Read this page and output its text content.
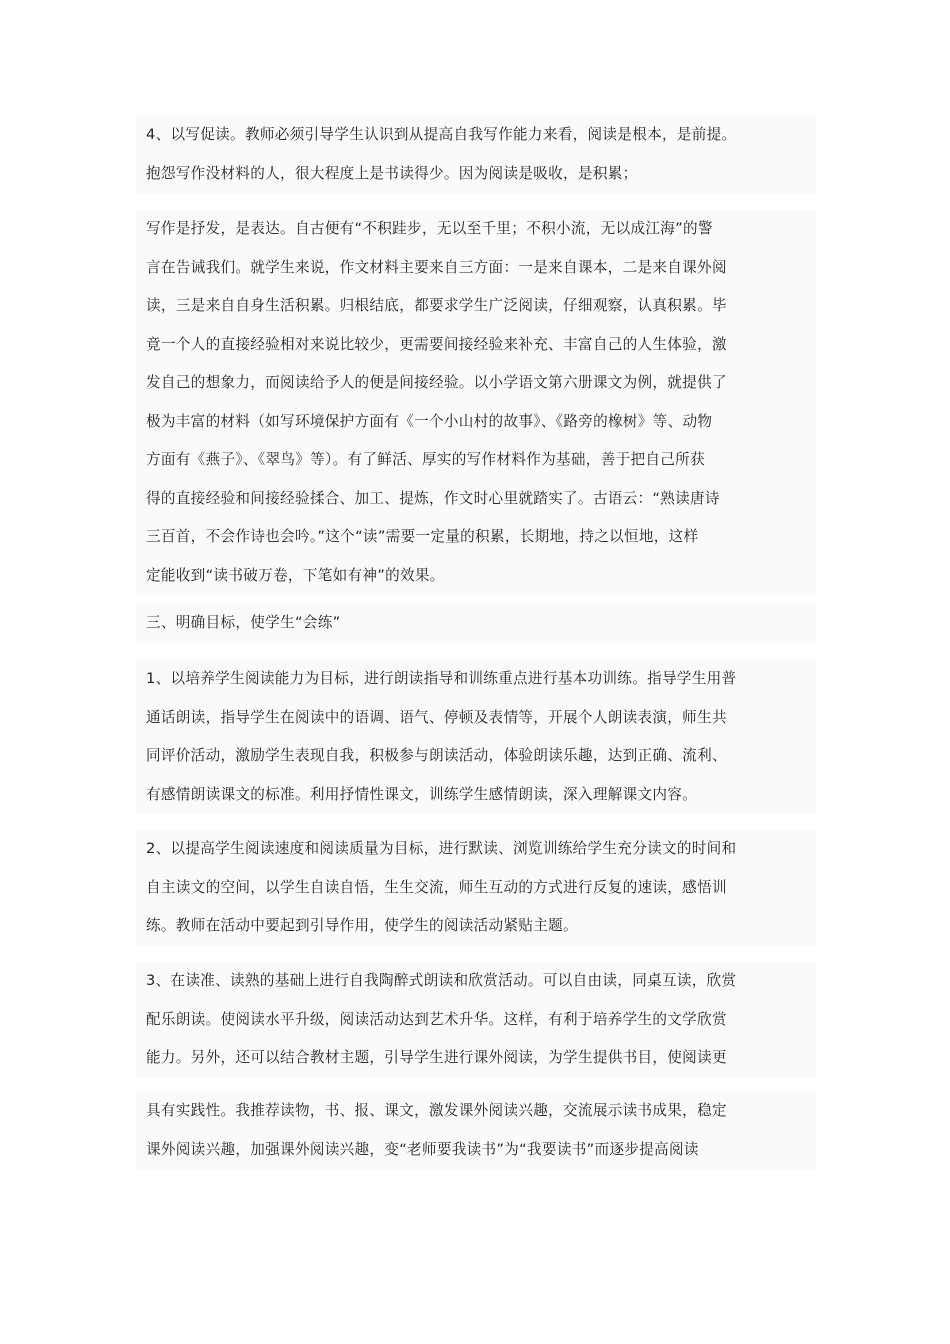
4、以写促读。教师必须引导学生认识到从提高自我写作能力来看，阅读是根本，是前提。
抱怨写作没材料的人，很大程度上是书读得少。因为阅读是吸收，是积累；
写作是抒发，是表达。自古便有“不积跬步，无以至千里；不积小流，无以成江海”的警
言在告诫我们。就学生来说，作文材料主要来自三方面：一是来自课本，二是来自课外阅
读，三是来自自身生活积累。归根结底，都要求学生广泛阅读，仔细观察，认真积累。毕
竟一个人的直接经验相对来说比较少，更需要间接经验来补充、丰富自己的人生体验，激
发自己的想象力，而阅读给予人的便是间接经验。以小学语文第六册课文为例，就提供了
极为丰富的材料（如写环境保护方面有《一个小山村的故事》、《路旁的橡树》等、动物
方面有《燕子》、《翠鸟》等）。有了鲜活、厚实的写作材料作为基础，善于把自己所获
得的直接经验和间接经验揉合、加工、提炼，作文时心里就踏实了。古语云：“熟读唐诗
三百首，不会作诗也会吟。”这个“读”需要一定量的积累，长期地，持之以恒地，这样
定能收到“读书破万卷，下笔如有神”的效果。
三、明确目标，使学生“会练”
1、以培养学生阅读能力为目标，进行朗读指导和训练重点进行基本功训练。指导学生用普
通话朗读，指导学生在阅读中的语调、语气、停顿及表情等，开展个人朗读表演，师生共
同评价活动，激励学生表现自我，积极参与朗读活动，体验朗读乐趣，达到正确、流利、
有感情朗读课文的标准。利用抒情性课文，训练学生感情朗读，深入理解课文内容。
2、以提高学生阅读速度和阅读质量为目标，进行默读、浏览训练给学生充分读文的时间和
自主读文的空间，以学生自读自悟，生生交流，师生互动的方式进行反复的速读，感悟训
练。教师在活动中要起到引导作用，使学生的阅读活动紧贴主题。
3、在读准、读熟的基础上进行自我陶醉式朗读和欣赏活动。可以自由读，同桌互读，欣赏
配乐朗读。使阅读水平升级，阅读活动达到艺术升华。这样，有利于培养学生的文学欣赏
能力。另外，还可以结合教材主题，引导学生进行课外阅读，为学生提供书目，使阅读更
具有实践性。我推荐读物，书、报、课文，激发课外阅读兴趣，交流展示读书成果，稳定
课外阅读兴趣，加强课外阅读兴趣，变“老师要我读书”为“我要读书”而逐步提高阅读
